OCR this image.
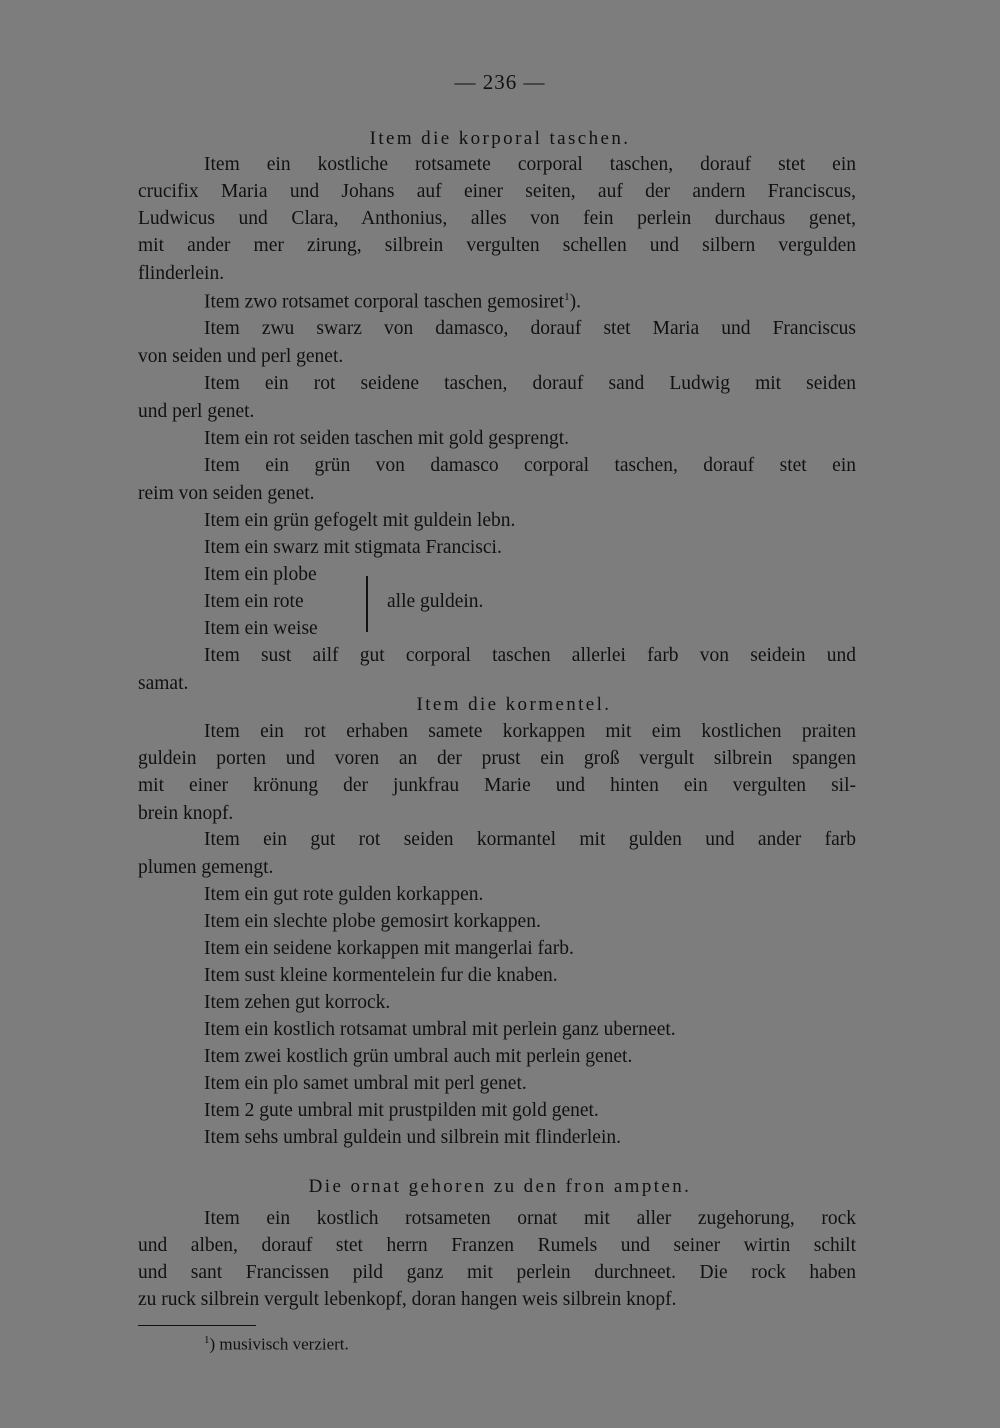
— 236 —
Item die korporal taschen.
Item ein kostliche rotsamete corporal taschen, dorauf stet ein
crucifix Maria und Johans auf einer seiten, auf der andern Franciscus,
Ludwicus und Clara, Anthonius, alles von fein perlein durchaus genet,
mit ander mer zirung, silbrein vergulten schellen und silbern vergulden
flinderlein.
Item zwo rotsamet corporal taschen gemosiret$^1$).
Item zwu swarz von damasco, dorauf stet Maria und Franciscus
von seiden und perl genet.
Item ein rot seidene taschen, dorauf sand Ludwig mit seiden
und perl genet.
Item ein rot seiden taschen mit gold gesprengt.
Item ein grün von damasco corporal taschen, dorauf stet ein
reim von seiden genet.
Item ein grün gefogelt mit guldein lebn.
Item ein swarz mit stigmata Francisci.
Item ein plobe
Item ein rote
Item ein weise
alle guldein.
Item sust ailf gut corporal taschen allerlei farb von seidein und
samat.
Item die kormentel.
Item ein rot erhaben samete korkappen mit eim kostlichen praiten
guldein porten und voren an der prust ein groß vergult silbrein spangen
mit einer krönung der junkfrau Marie und hinten ein vergulten sil-
brein knopf.
Item ein gut rot seiden kormantel mit gulden und ander farb
plumen gemengt.
Item ein gut rote gulden korkappen.
Item ein slechte plobe gemosirt korkappen.
Item ein seidene korkappen mit mangerlai farb.
Item sust kleine kormentelein fur die knaben.
Item zehen gut korrock.
Item ein kostlich rotsamat umbral mit perlein ganz uberneet.
Item zwei kostlich grün umbral auch mit perlein genet.
Item ein plo samet umbral mit perl genet.
Item 2 gute umbral mit prustpilden mit gold genet.
Item sehs umbral guldein und silbrein mit flinderlein.
Die ornat gehoren zu den fron ampten.
Item ein kostlich rotsameten ornat mit aller zugehorung, rock
und alben, dorauf stet herrn Franzen Rumels und seiner wirtin schilt
und sant Francissen pild ganz mit perlein durchneet. Die rock haben
zu ruck silbrein vergult lebenkopf, doran hangen weis silbrein knopf.
$^1$) musivisch verziert.
